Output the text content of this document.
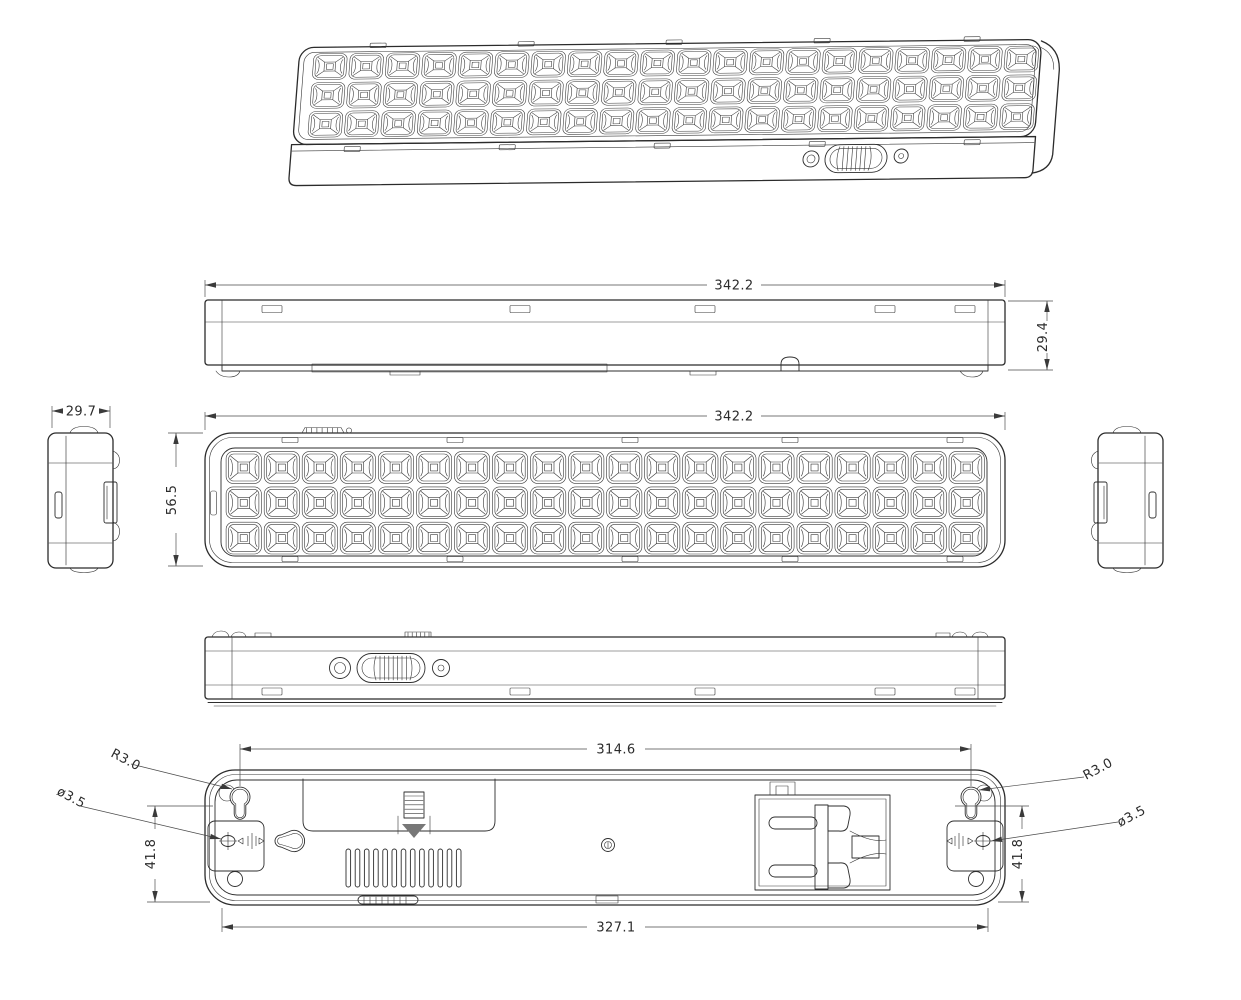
342.2
29.4
29.7	342.2
56.5
314.6
327.1
41.8	41.8
R3.0	R3.0
ø3.5
ø3.5
